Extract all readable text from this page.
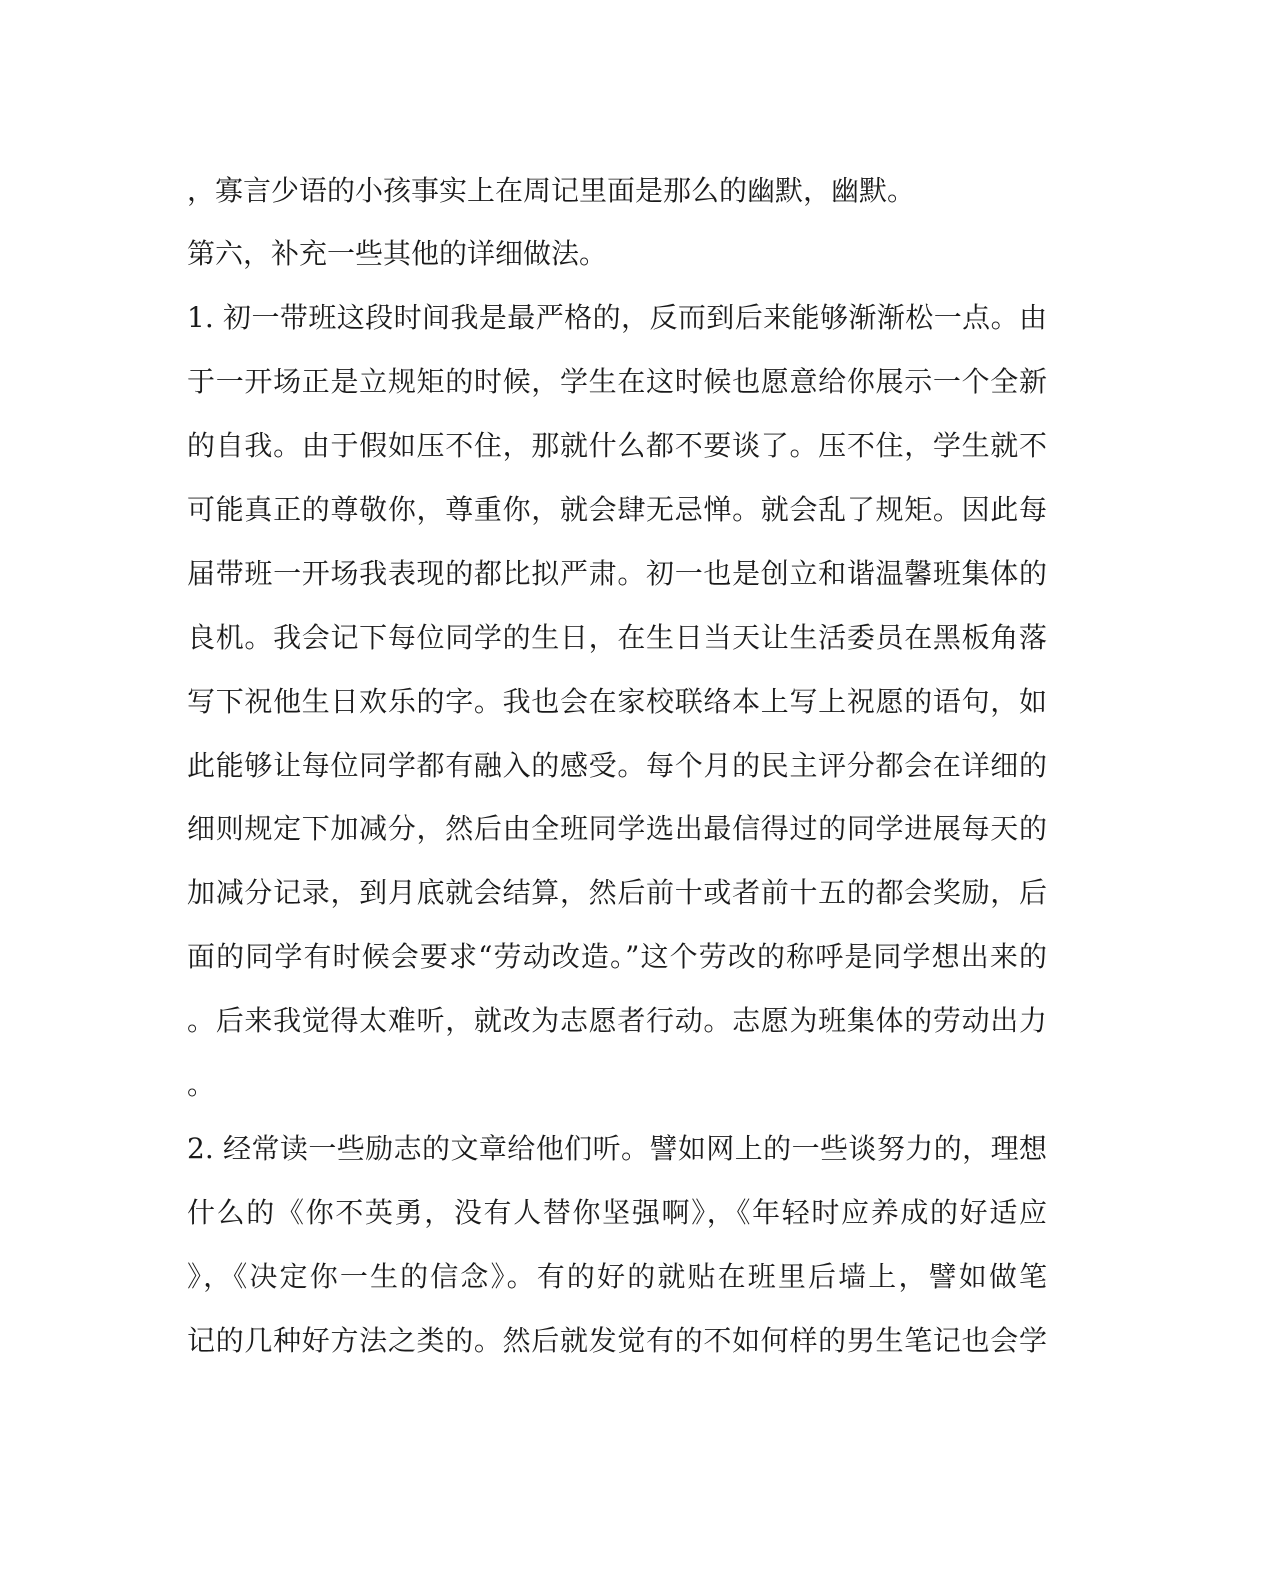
，寡言少语的小孩事实上在周记里面是那么的幽默，幽默。
第六，补充一些其他的详细做法。
1. 初一带班这段时间我是最严格的，反而到后来能够渐渐松一点。由
于一开场正是立规矩的时候，学生在这时候也愿意给你展示一个全新
的自我。由于假如压不住，那就什么都不要谈了。压不住，学生就不
可能真正的尊敬你，尊重你，就会肆无忌惮。就会乱了规矩。因此每
届带班一开场我表现的都比拟严肃。初一也是创立和谐温馨班集体的
良机。我会记下每位同学的生日，在生日当天让生活委员在黑板角落
写下祝他生日欢乐的字。我也会在家校联络本上写上祝愿的语句，如
此能够让每位同学都有融入的感受。每个月的民主评分都会在详细的
细则规定下加减分，然后由全班同学选出最信得过的同学进展每天的
加减分记录，到月底就会结算，然后前十或者前十五的都会奖励，后
面的同学有时候会要求“劳动改造。”这个劳改的称呼是同学想出来的
。后来我觉得太难听，就改为志愿者行动。志愿为班集体的劳动出力
。
2. 经常读一些励志的文章给他们听。譬如网上的一些谈努力的，理想
什么的《你不英勇，没有人替你坚强啊》，《年轻时应养成的好适应
》，《决定你一生的信念》。有的好的就贴在班里后墙上，譬如做笔
记的几种好方法之类的。然后就发觉有的不如何样的男生笔记也会学
